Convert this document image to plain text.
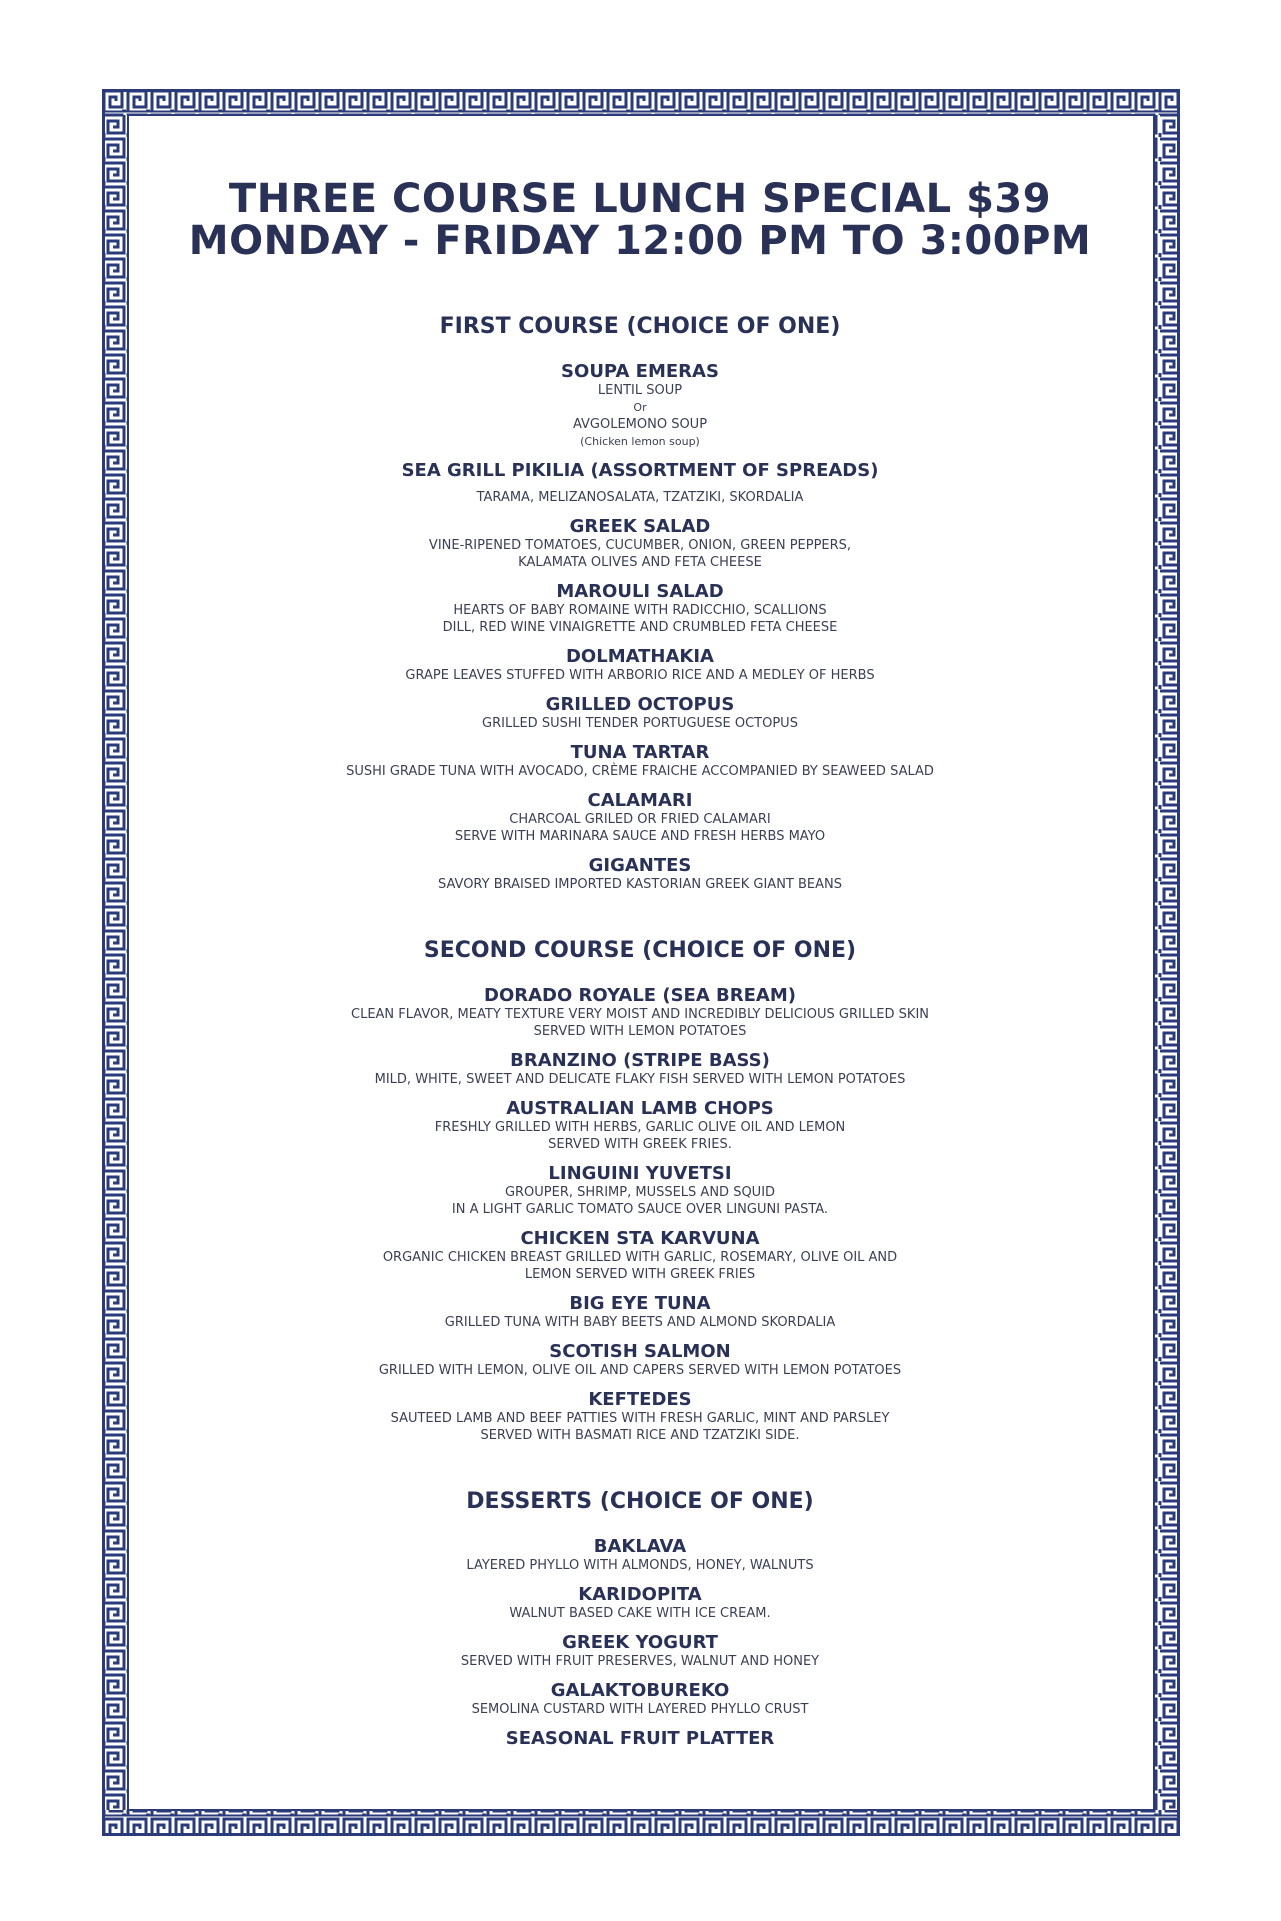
THREE COURSE LUNCH SPECIAL $39
MONDAY - FRIDAY 12:00 PM TO 3:00PM
FIRST COURSE (CHOICE OF ONE)

SOUPA EMERAS

LENTIL SOUP

Or

AVGOLEMONO SOUP

(Chicken lemon soup)

SEA GRILL PIKILIA (ASSORTMENT OF SPREADS)

TARAMA, MELIZANOSALATA, TZATZIKI, SKORDALIA

GREEK SALAD

VINE-RIPENED TOMATOES, CUCUMBER, ONION, GREEN PEPPERS,

KALAMATA OLIVES AND FETA CHEESE

MAROULI SALAD

HEARTS OF BABY ROMAINE WITH RADICCHIO, SCALLIONS

DILL, RED WINE VINAIGRETTE AND CRUMBLED FETA CHEESE

DOLMATHAKIA

GRAPE LEAVES STUFFED WITH ARBORIO RICE AND A MEDLEY OF HERBS

GRILLED OCTOPUS

GRILLED SUSHI TENDER PORTUGUESE OCTOPUS

TUNA TARTAR

SUSHI GRADE TUNA WITH AVOCADO, CRÈME FRAICHE ACCOMPANIED BY SEAWEED SALAD

CALAMARI

CHARCOAL GRILED OR FRIED CALAMARI

SERVE WITH MARINARA SAUCE AND FRESH HERBS MAYO

GIGANTES

SAVORY BRAISED IMPORTED KASTORIAN GREEK GIANT BEANS

SECOND COURSE (CHOICE OF ONE)

DORADO ROYALE (SEA BREAM)

CLEAN FLAVOR, MEATY TEXTURE VERY MOIST AND INCREDIBLY DELICIOUS GRILLED SKIN

SERVED WITH LEMON POTATOES

BRANZINO (STRIPE BASS)

MILD, WHITE, SWEET AND DELICATE FLAKY FISH SERVED WITH LEMON POTATOES

AUSTRALIAN LAMB CHOPS

FRESHLY GRILLED WITH HERBS, GARLIC OLIVE OIL AND LEMON

SERVED WITH GREEK FRIES.

LINGUINI YUVETSI

GROUPER, SHRIMP, MUSSELS AND SQUID

IN A LIGHT GARLIC TOMATO SAUCE OVER LINGUNI PASTA.

CHICKEN STA KARVUNA

ORGANIC CHICKEN BREAST GRILLED WITH GARLIC, ROSEMARY, OLIVE OIL AND

LEMON SERVED WITH GREEK FRIES

BIG EYE TUNA

GRILLED TUNA WITH BABY BEETS AND ALMOND SKORDALIA

SCOTISH SALMON

GRILLED WITH LEMON, OLIVE OIL AND CAPERS SERVED WITH LEMON POTATOES

KEFTEDES

SAUTEED LAMB AND BEEF PATTIES WITH FRESH GARLIC, MINT AND PARSLEY

SERVED WITH BASMATI RICE AND TZATZIKI SIDE.

DESSERTS (CHOICE OF ONE)

BAKLAVA

LAYERED PHYLLO WITH ALMONDS, HONEY, WALNUTS

KARIDOPITA

WALNUT BASED CAKE WITH ICE CREAM.

GREEK YOGURT

SERVED WITH FRUIT PRESERVES, WALNUT AND HONEY

GALAKTOBUREKO

SEMOLINA CUSTARD WITH LAYERED PHYLLO CRUST

SEASONAL FRUIT PLATTER
